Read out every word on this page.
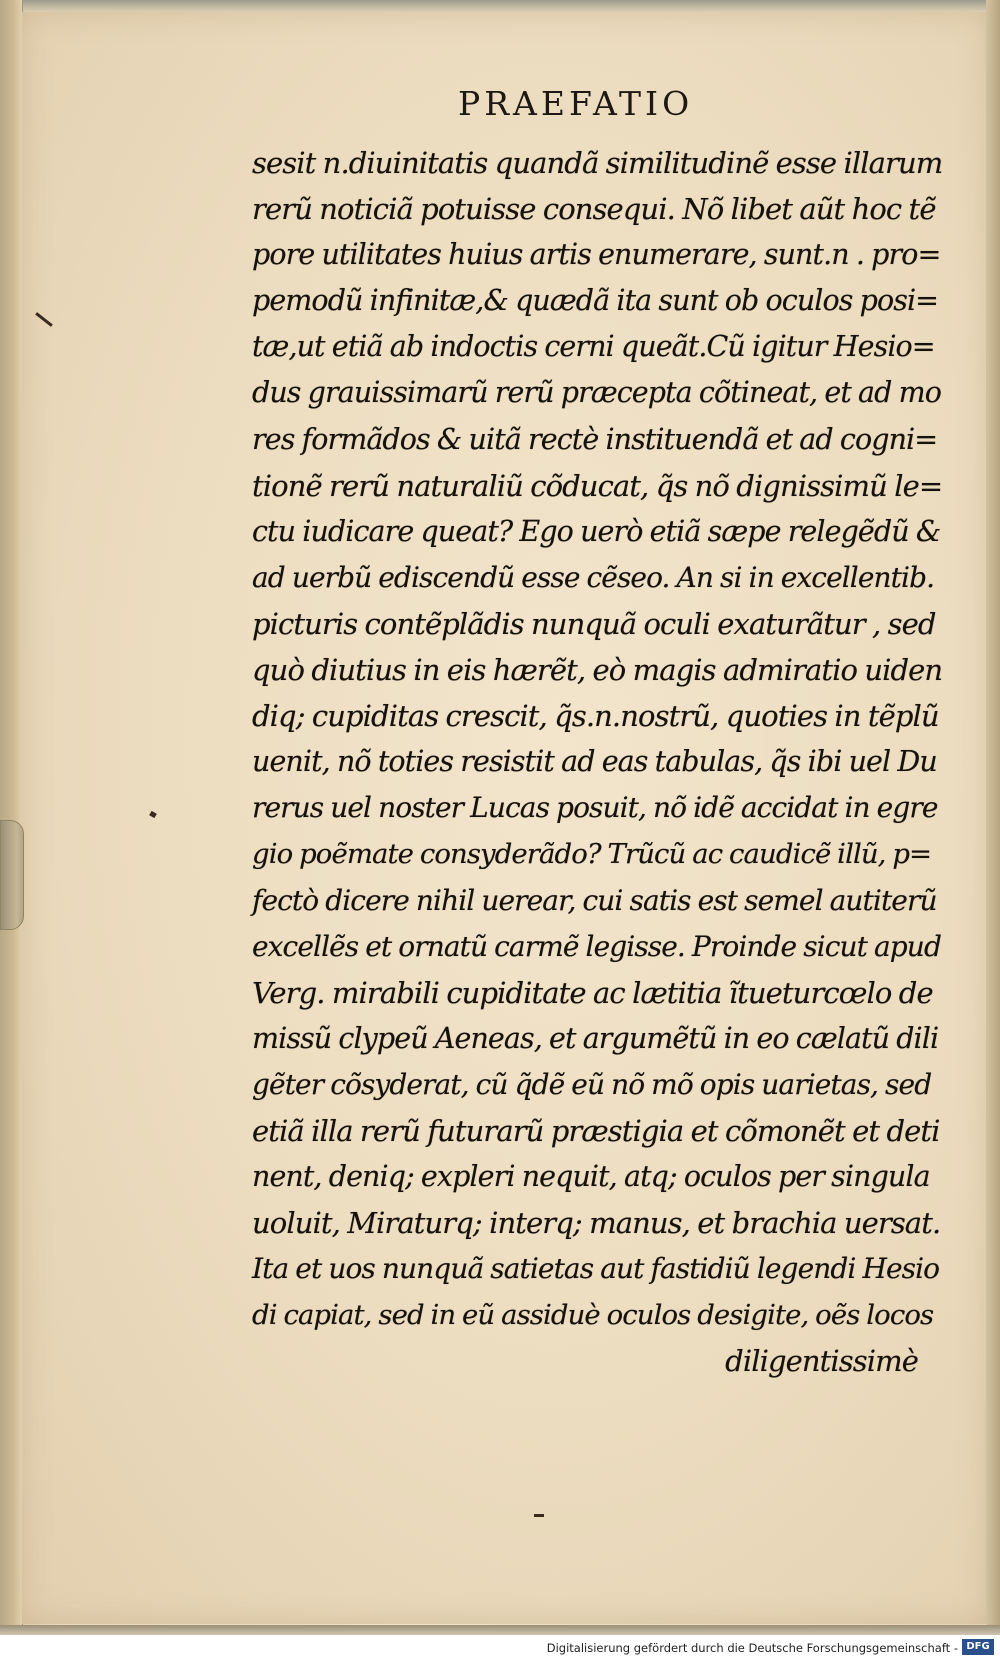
PRAEFATIO
sesit n.diuinitatis quandã similitudinẽ esse illarum
rerũ noticiã potuisse consequi. Nõ libet aũt hoc tẽ
pore utilitates huius artis enumerare, sunt.n . pro=
pemodũ infinitæ,& quædã ita sunt ob oculos posi=
tæ,ut etiã ab indoctis cerni queãt.Cũ igitur Hesio=
dus grauissimarũ rerũ præcepta cõtineat, et ad mo
res formãdos & uitã rectè instituendã et ad cogni=
tionẽ rerũ naturaliũ cõducat, q̃s nõ dignissimũ le=
ctu iudicare queat? Ego uerò etiã sæpe relegẽdũ &
ad uerbũ ediscendũ esse cẽseo. An si in excellentib.
picturis contẽplãdis nunquã oculi exaturãtur , sed
quò diutius in eis hærẽt, eò magis admiratio uiden
diq; cupiditas crescit, q̃s.n.nostrũ, quoties in tẽplũ
uenit, nõ toties resistit ad eas tabulas, q̃s ibi uel Du
rerus uel noster Lucas posuit, nõ idẽ accidat in egre
gio poẽmate consyderãdo? Trũcũ ac caudicẽ illũ, p=
fectò dicere nihil uerear, cui satis est semel autiterũ
excellẽs et ornatũ carmẽ legisse. Proinde sicut apud
Verg. mirabili cupiditate ac lætitia ĩtueturcœlo de
missũ clypeũ Aeneas, et argumẽtũ in eo cælatũ dili
gẽter cõsyderat, cũ q̃dẽ eũ nõ mõ opis uarietas, sed
etiã illa rerũ futurarũ præstigia et cõmonẽt et deti
nent, deniq; expleri nequit, atq; oculos per singula
uoluit, Miraturq; interq; manus, et brachia uersat.
Ita et uos nunquã satietas aut fastidiũ legendi Hesio
di capiat, sed in eũ assiduè oculos desigite, oẽs locos
diligentissimè
Digitalisierung gefördert durch die Deutsche Forschungsgemeinschaft - DFG
